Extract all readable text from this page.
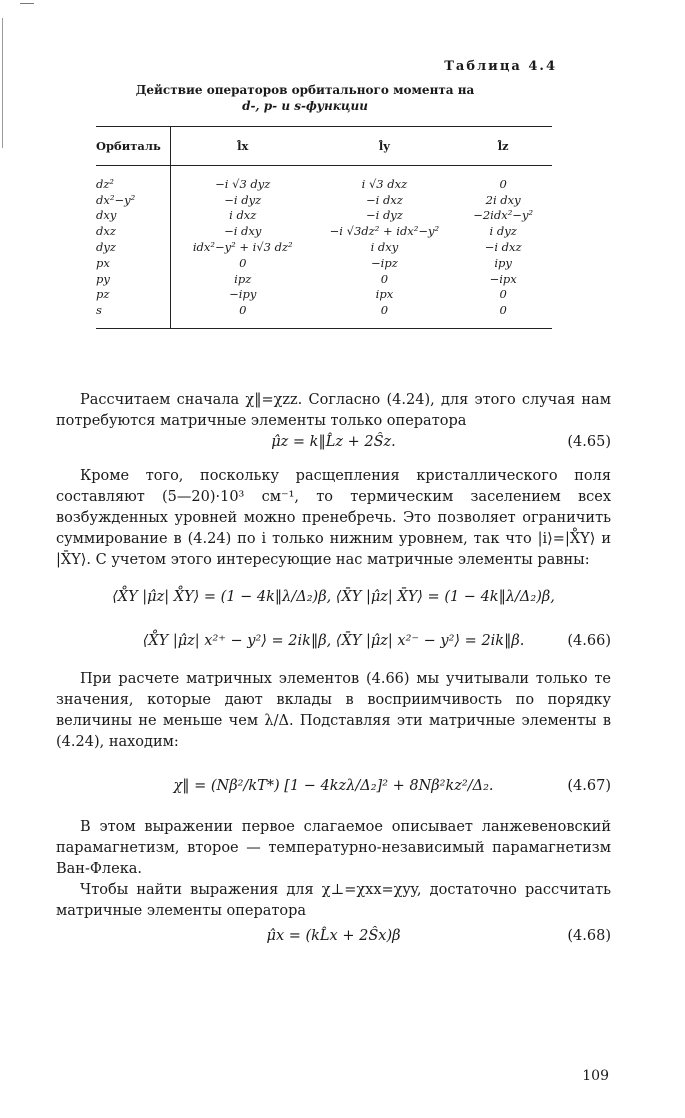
Таблица 4.4
Действие операторов орбитального момента на
d-, p- и s-функции
Орбиталь	l̂x	l̂y	l̂z
dz²	−i √3 dyz	i √3 dxz	0
dx²−y²	−i dyz	−i dxz	2i dxy
dxy	i dxz	−i dyz	−2idx²−y²
dxz	−i dxy	−i √3dz² + idx²−y²	i dyz
dyz	idx²−y² + i√3 dz²	i dxy	−i dxz
px	0	−ipz	ipy
py	ipz	0	−ipx
pz	−ipy	ipx	0
s	0	0	0

Рассчитаем сначала χ‖=χzz. Согласно (4.24), для этого случая нам потребуются матричные элементы только оператора

μ̂z = k‖L̂z + 2Ŝz.	(4.65)

Кроме того, поскольку расщепления кристаллического поля составляют (5—20)·10³ см⁻¹, то термическим заселением всех возбужденных уровней можно пренебречь. Это позволяет ограничить суммирование в (4.24) по i только нижним уровнем, так что |i⟩=|X̊Y⟩ и |X̄Y⟩. С учетом этого интересующие нас матричные элементы равны:

⟨X̊Y |μ̂z| X̊Y⟩ = (1 − 4k‖λ/Δ₂)β, ⟨X̄Y |μ̂z| X̄Y⟩ = (1 − 4k‖λ/Δ₂)β,
⟨X̊Y |μ̂z| x²⁺ − y²⟩ = 2ik‖β, ⟨X̄Y |μ̂z| x²⁻ − y²⟩ = 2ik‖β.	(4.66)

При расчете матричных элементов (4.66) мы учитывали только те значения, которые дают вклады в восприимчивость по порядку величины не меньше чем λ/Δ. Подставляя эти матричные элементы в (4.24), находим:

χ‖ = (Nβ²/kT*) [1 − 4kzλ/Δ₂]² + 8Nβ²kz²/Δ₂.	(4.67)

В этом выражении первое слагаемое описывает ланжевеновский парамагнетизм, второе — температурно-независимый парамагнетизм Ван-Флека.

Чтобы найти выражения для χ⊥=χxx=χyy, достаточно рассчитать матричные элементы оператора

μ̂x = (kL̂x + 2Ŝx)β	(4.68)
109
